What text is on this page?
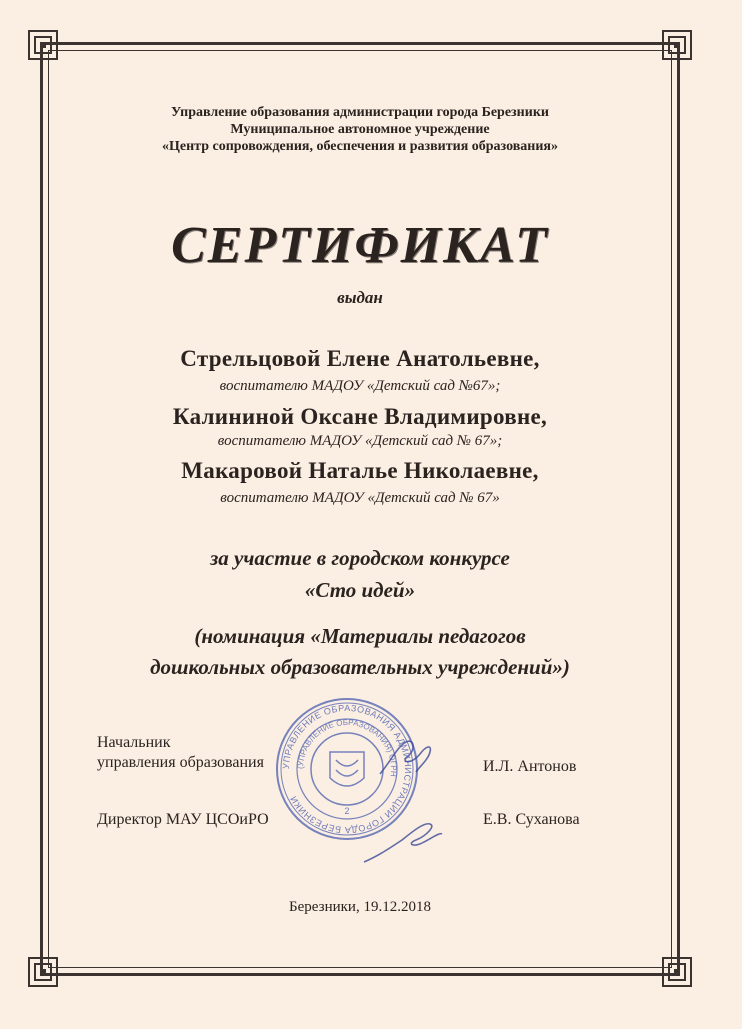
Управление образования администрации города Березники
Муниципальное автономное учреждение
«Центр сопровождения, обеспечения и развития образования»
СЕРТИФИКАТ
выдан
Стрельцовой Елене Анатольевне,
воспитателю МАДОУ «Детский сад №67»;
Калининой Оксане Владимировне,
воспитателю МАДОУ «Детский сад № 67»;
Макаровой Наталье Николаевне,
воспитателю МАДОУ «Детский сад № 67»
за участие в городском конкурсе
«Сто идей»
(номинация «Материалы педагогов
дошкольных образовательных учреждений»)
УПРАВЛЕНИЕ ОБРАЗОВАНИЯ АДМИНИСТРАЦИИ ГОРОДА БЕРЕЗНИКИ
(УПРАВЛЕНИЕ ОБРАЗОВАНИЯ) ОГРН
2
Начальник
управления образования	И.Л. Антонов
Директор МАУ ЦСОиРО	Е.В. Суханова
Березники, 19.12.2018
